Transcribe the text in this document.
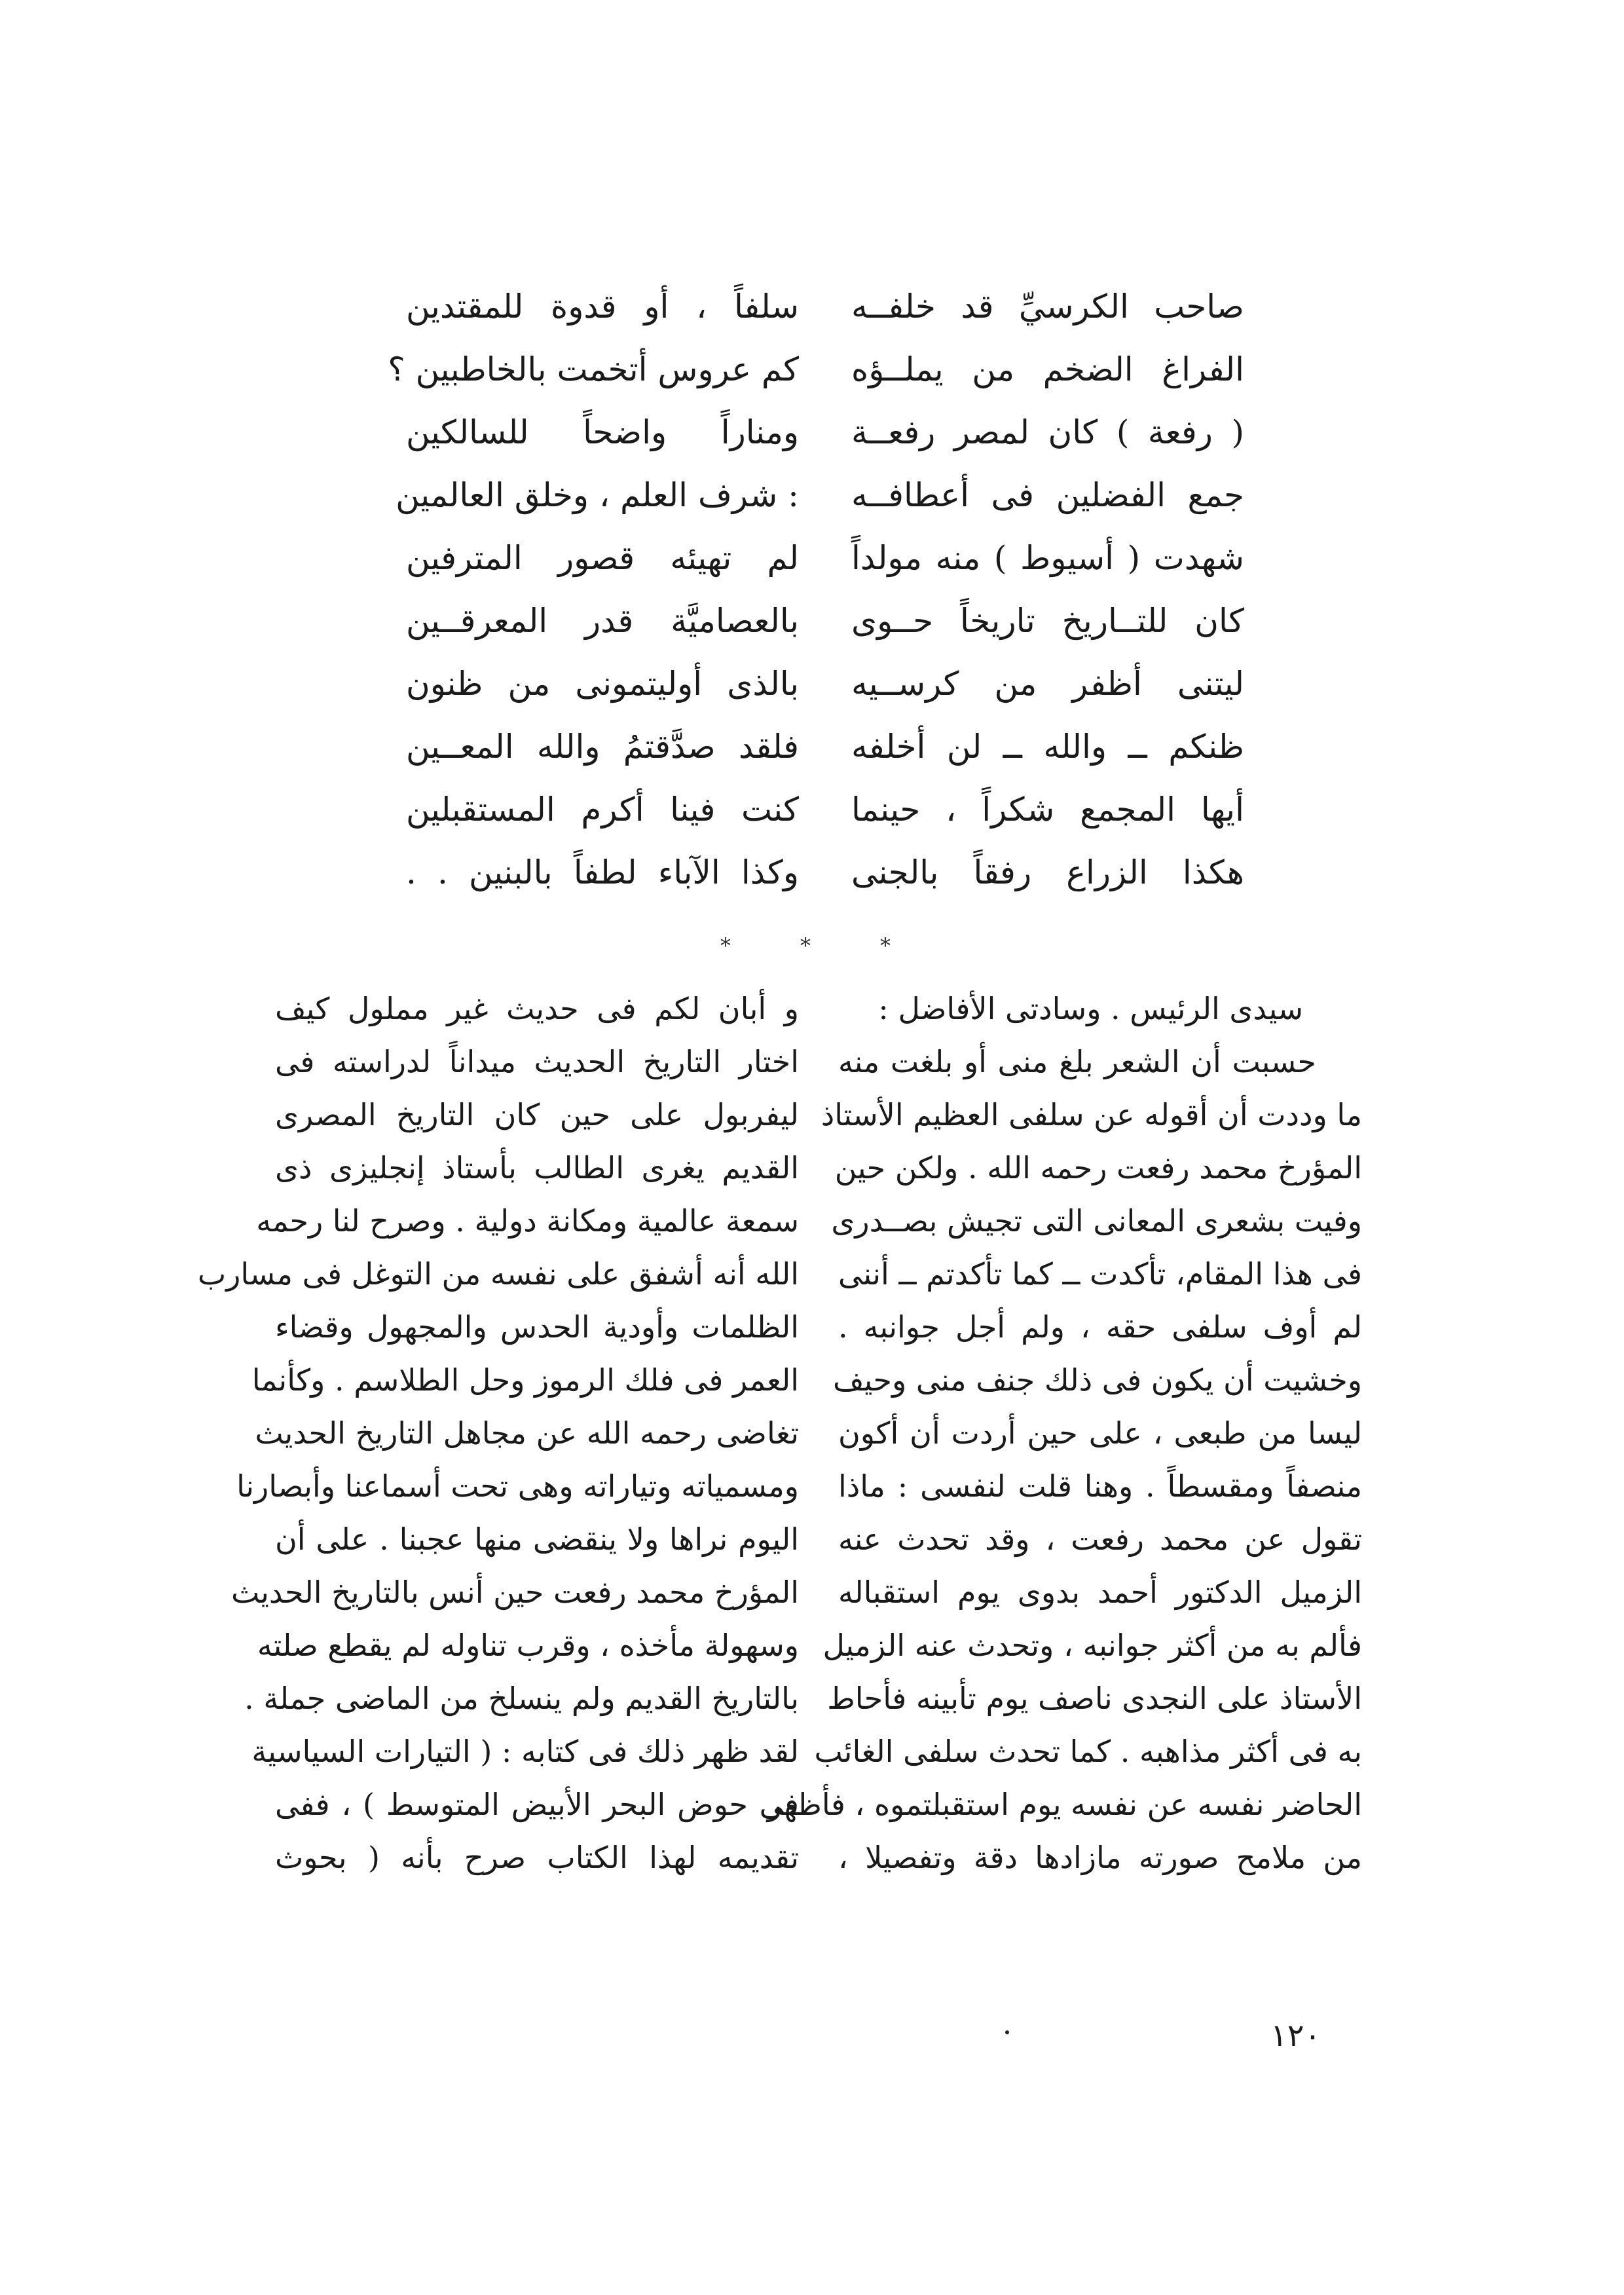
صاحب الكرسيِّ قد خلفــه
الفراغ الضخم من يملــؤه
( رفعة ) كان لمصر رفعــة
جمع الفضلين فى أعطافــه
شهدت ( أسيوط ) منه مولداً
كان للتــاريخ تاريخاً حــوى
ليتنى أظفر من كرســيه
ظنكم ــ والله ــ لن أخلفه
أيها المجمع شكراً ، حينما
هكذا الزراع رفقاً بالجنى
سلفاً ، أو قدوة للمقتدين
كم عروس أتخمت بالخاطبين ؟
ومناراً واضحاً للسالكين
: شرف العلم ، وخلق العالمين
لم تهيئه قصور المترفين
بالعصاميَّة قدر المعرقــين
بالذى أوليتمونى من ظنون
فلقد صدَّقتمُ والله المعــين
كنت فينا أكرم المستقبلين
وكذا الآباء لطفاً بالبنين . .
*	*	*
سيدى الرئيس . وسادتى الأفاضل :
حسبت أن الشعر بلغ منى أو بلغت منه
ما وددت أن أقوله عن سلفى العظيم الأستاذ
المؤرخ محمد رفعت رحمه الله . ولكن حين
وفيت بشعرى المعانى التى تجيش بصــدرى
فى هذا المقام، تأكدت ــ كما تأكدتم ــ أننى
لم أوف سلفى حقه ، ولم أجل جوانبه .
وخشيت أن يكون فى ذلك جنف منى وحيف
ليسا من طبعى ، على حين أردت أن أكون
منصفاً ومقسطاً . وهنا قلت لنفسى : ماذا
تقول عن محمد رفعت ، وقد تحدث عنه
الزميل الدكتور أحمد بدوى يوم استقباله
فألم به من أكثر جوانبه ، وتحدث عنه الزميل
الأستاذ على النجدى ناصف يوم تأبينه فأحاط
به فى أكثر مذاهبه . كما تحدث سلفى الغائب
الحاضر نفسه عن نفسه يوم استقبلتموه ، فأظهر
من ملامح صورته مازادها دقة وتفصيلا ،
و أبان لكم فى حديث غير مملول كيف
اختار التاريخ الحديث ميداناً لدراسته فى
ليفربول على حين كان التاريخ المصرى
القديم يغرى الطالب بأستاذ إنجليزى ذى
سمعة عالمية ومكانة دولية . وصرح لنا رحمه
الله أنه أشفق على نفسه من التوغل فى مسارب
الظلمات وأودية الحدس والمجهول وقضاء
العمر فى فلك الرموز وحل الطلاسم . وكأنما
تغاضى رحمه الله عن مجاهل التاريخ الحديث
ومسمياته وتياراته وهى تحت أسماعنا وأبصارنا
اليوم نراها ولا ينقضى منها عجبنا . على أن
المؤرخ محمد رفعت حين أنس بالتاريخ الحديث
وسهولة مأخذه ، وقرب تناوله لم يقطع صلته
بالتاريخ القديم ولم ينسلخ من الماضى جملة .
لقد ظهر ذلك فى كتابه : ( التيارات السياسية
فى حوض البحر الأبيض المتوسط ) ، ففى
تقديمه لهذا الكتاب صرح بأنه ( بحوث
١٢٠
